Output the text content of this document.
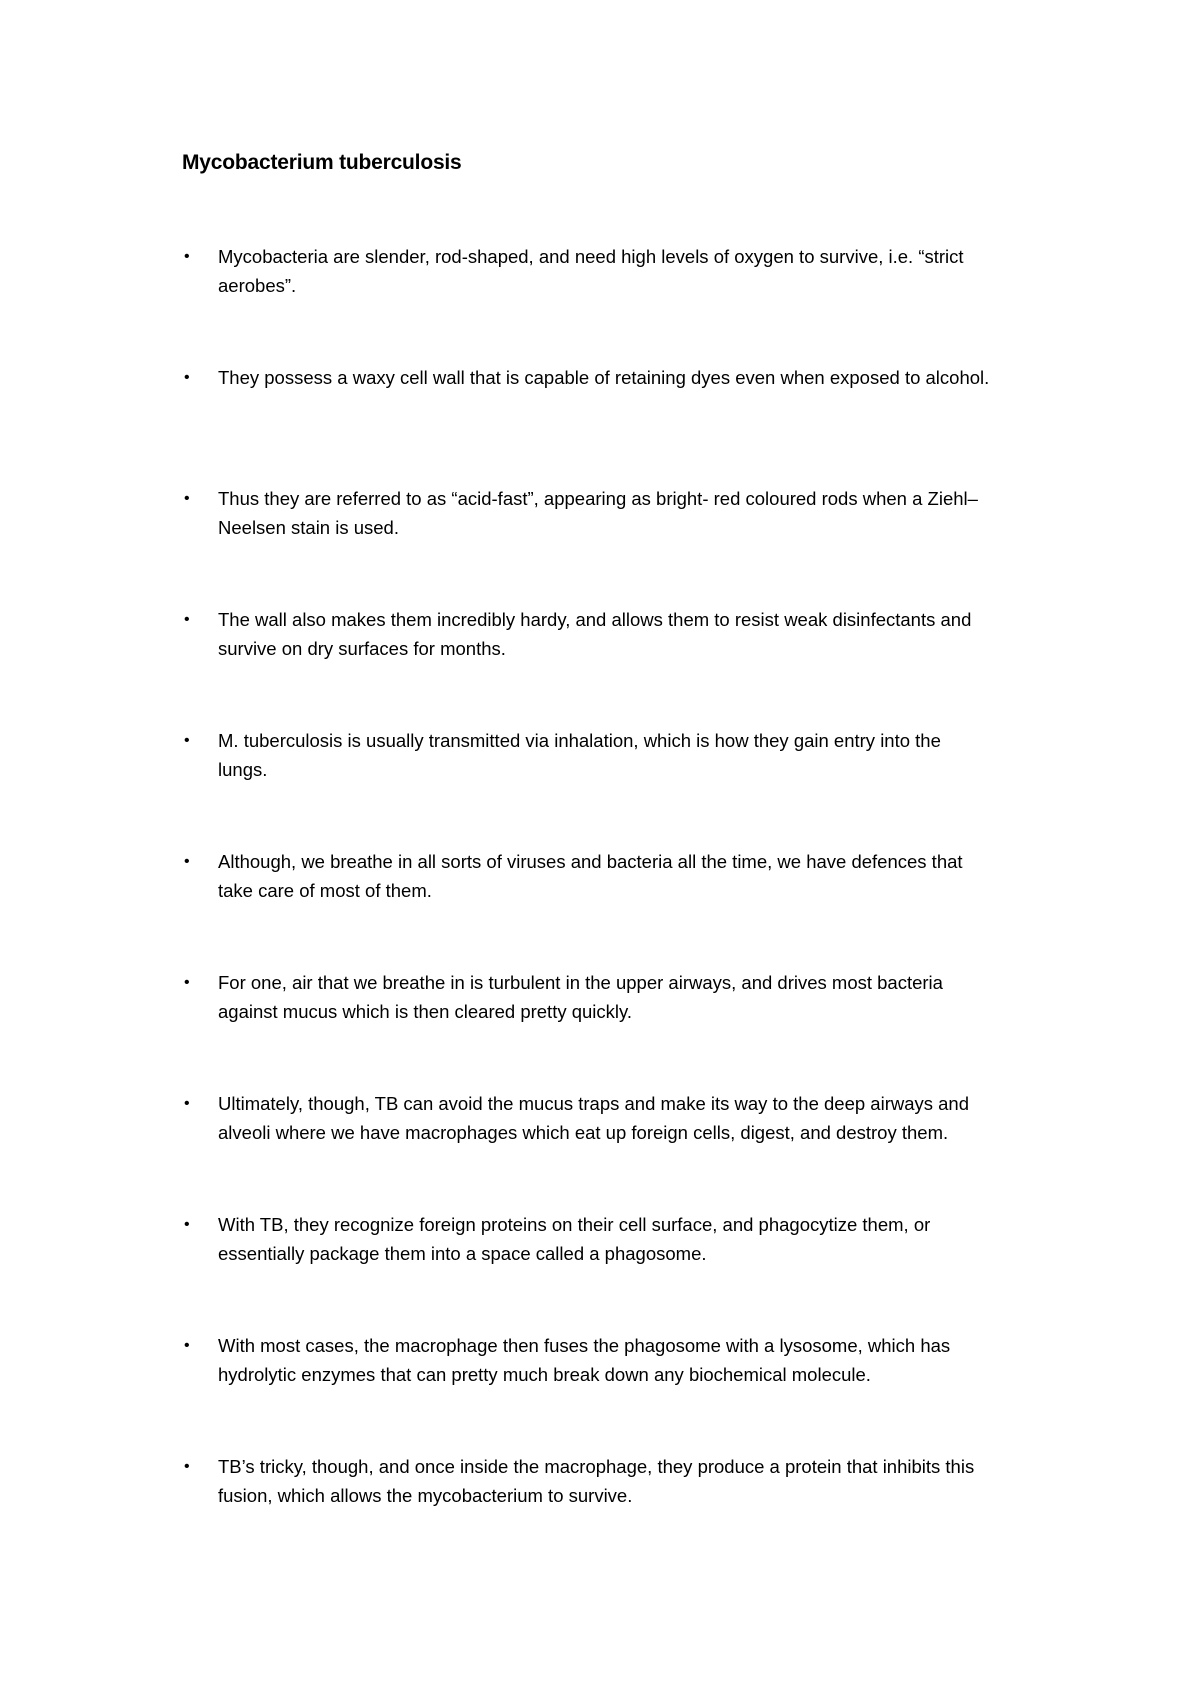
Mycobacterium tuberculosis
• Mycobacteria are slender, rod-shaped, and need high levels of oxygen to survive, i.e. “strict
aerobes”.
• They possess a waxy cell wall that is capable of retaining dyes even when exposed to alcohol.
• Thus they are referred to as “acid-fast”, appearing as bright- red coloured rods when a Ziehl–
Neelsen stain is used.
• The wall also makes them incredibly hardy, and allows them to resist weak disinfectants and
survive on dry surfaces for months.
• M. tuberculosis is usually transmitted via inhalation, which is how they gain entry into the
lungs.
• Although, we breathe in all sorts of viruses and bacteria all the time, we have defences that
take care of most of them.
• For one, air that we breathe in is turbulent in the upper airways, and drives most bacteria
against mucus which is then cleared pretty quickly.
• Ultimately, though, TB can avoid the mucus traps and make its way to the deep airways and
alveoli where we have macrophages which eat up foreign cells, digest, and destroy them.
• With TB, they recognize foreign proteins on their cell surface, and phagocytize them, or
essentially package them into a space called a phagosome.
• With most cases, the macrophage then fuses the phagosome with a lysosome, which has
hydrolytic enzymes that can pretty much break down any biochemical molecule.
• TB’s tricky, though, and once inside the macrophage, they produce a protein that inhibits this
fusion, which allows the mycobacterium to survive.
